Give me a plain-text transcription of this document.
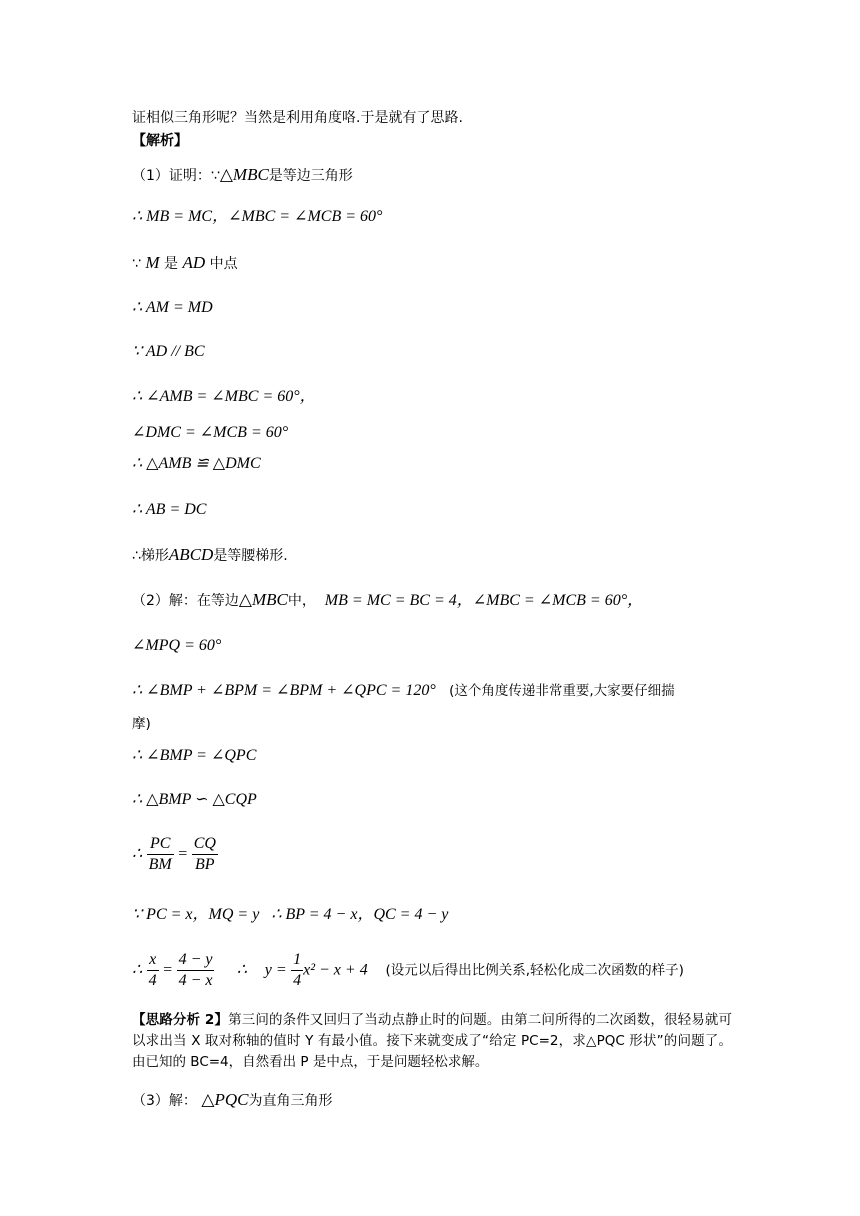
证相似三角形呢？当然是利用角度咯.于是就有了思路.
【解析】
（1）证明：∵△MBC是等边三角形
∴ MB = MC，∠MBC = ∠MCB = 60°
∵ M 是 AD 中点
∴ AM = MD
∵ AD // BC
∴ ∠AMB = ∠MBC = 60°，
∠DMC = ∠MCB = 60°
∴ △AMB ≌ △DMC
∴ AB = DC
∴梯形ABCD是等腰梯形.
（2）解：在等边△MBC中， MB = MC = BC = 4，∠MBC = ∠MCB = 60°，
∠MPQ = 60°
∴ ∠BMP + ∠BPM = ∠BPM + ∠QPC = 120° (这个角度传递非常重要,大家要仔细揣
摩)
∴ ∠BMP = ∠QPC
∴ △BMP ∽ △CQP
∴ $\frac{PC}{BM} = \frac{CQ}{BP}$
∵ PC = x，MQ = y ∴ BP = 4 − x，QC = 4 − y
∴ $\frac{x}{4} = \frac{4 - y}{4 - x}$ ∴ $y = \frac{1}{4} x^2 - x + 4$ (设元以后得出比例关系,轻松化成二次函数的样子)
【思路分析 2】第三问的条件又回归了当动点静止时的问题。由第二问所得的二次函数，很轻易就可以求出当 X 取对称轴的值时 Y 有最小值。接下来就变成了“给定 PC=2，求△PQC 形状”的问题了。由已知的 BC=4，自然看出 P 是中点，于是问题轻松求解。
（3）解： △PQC为直角三角形
